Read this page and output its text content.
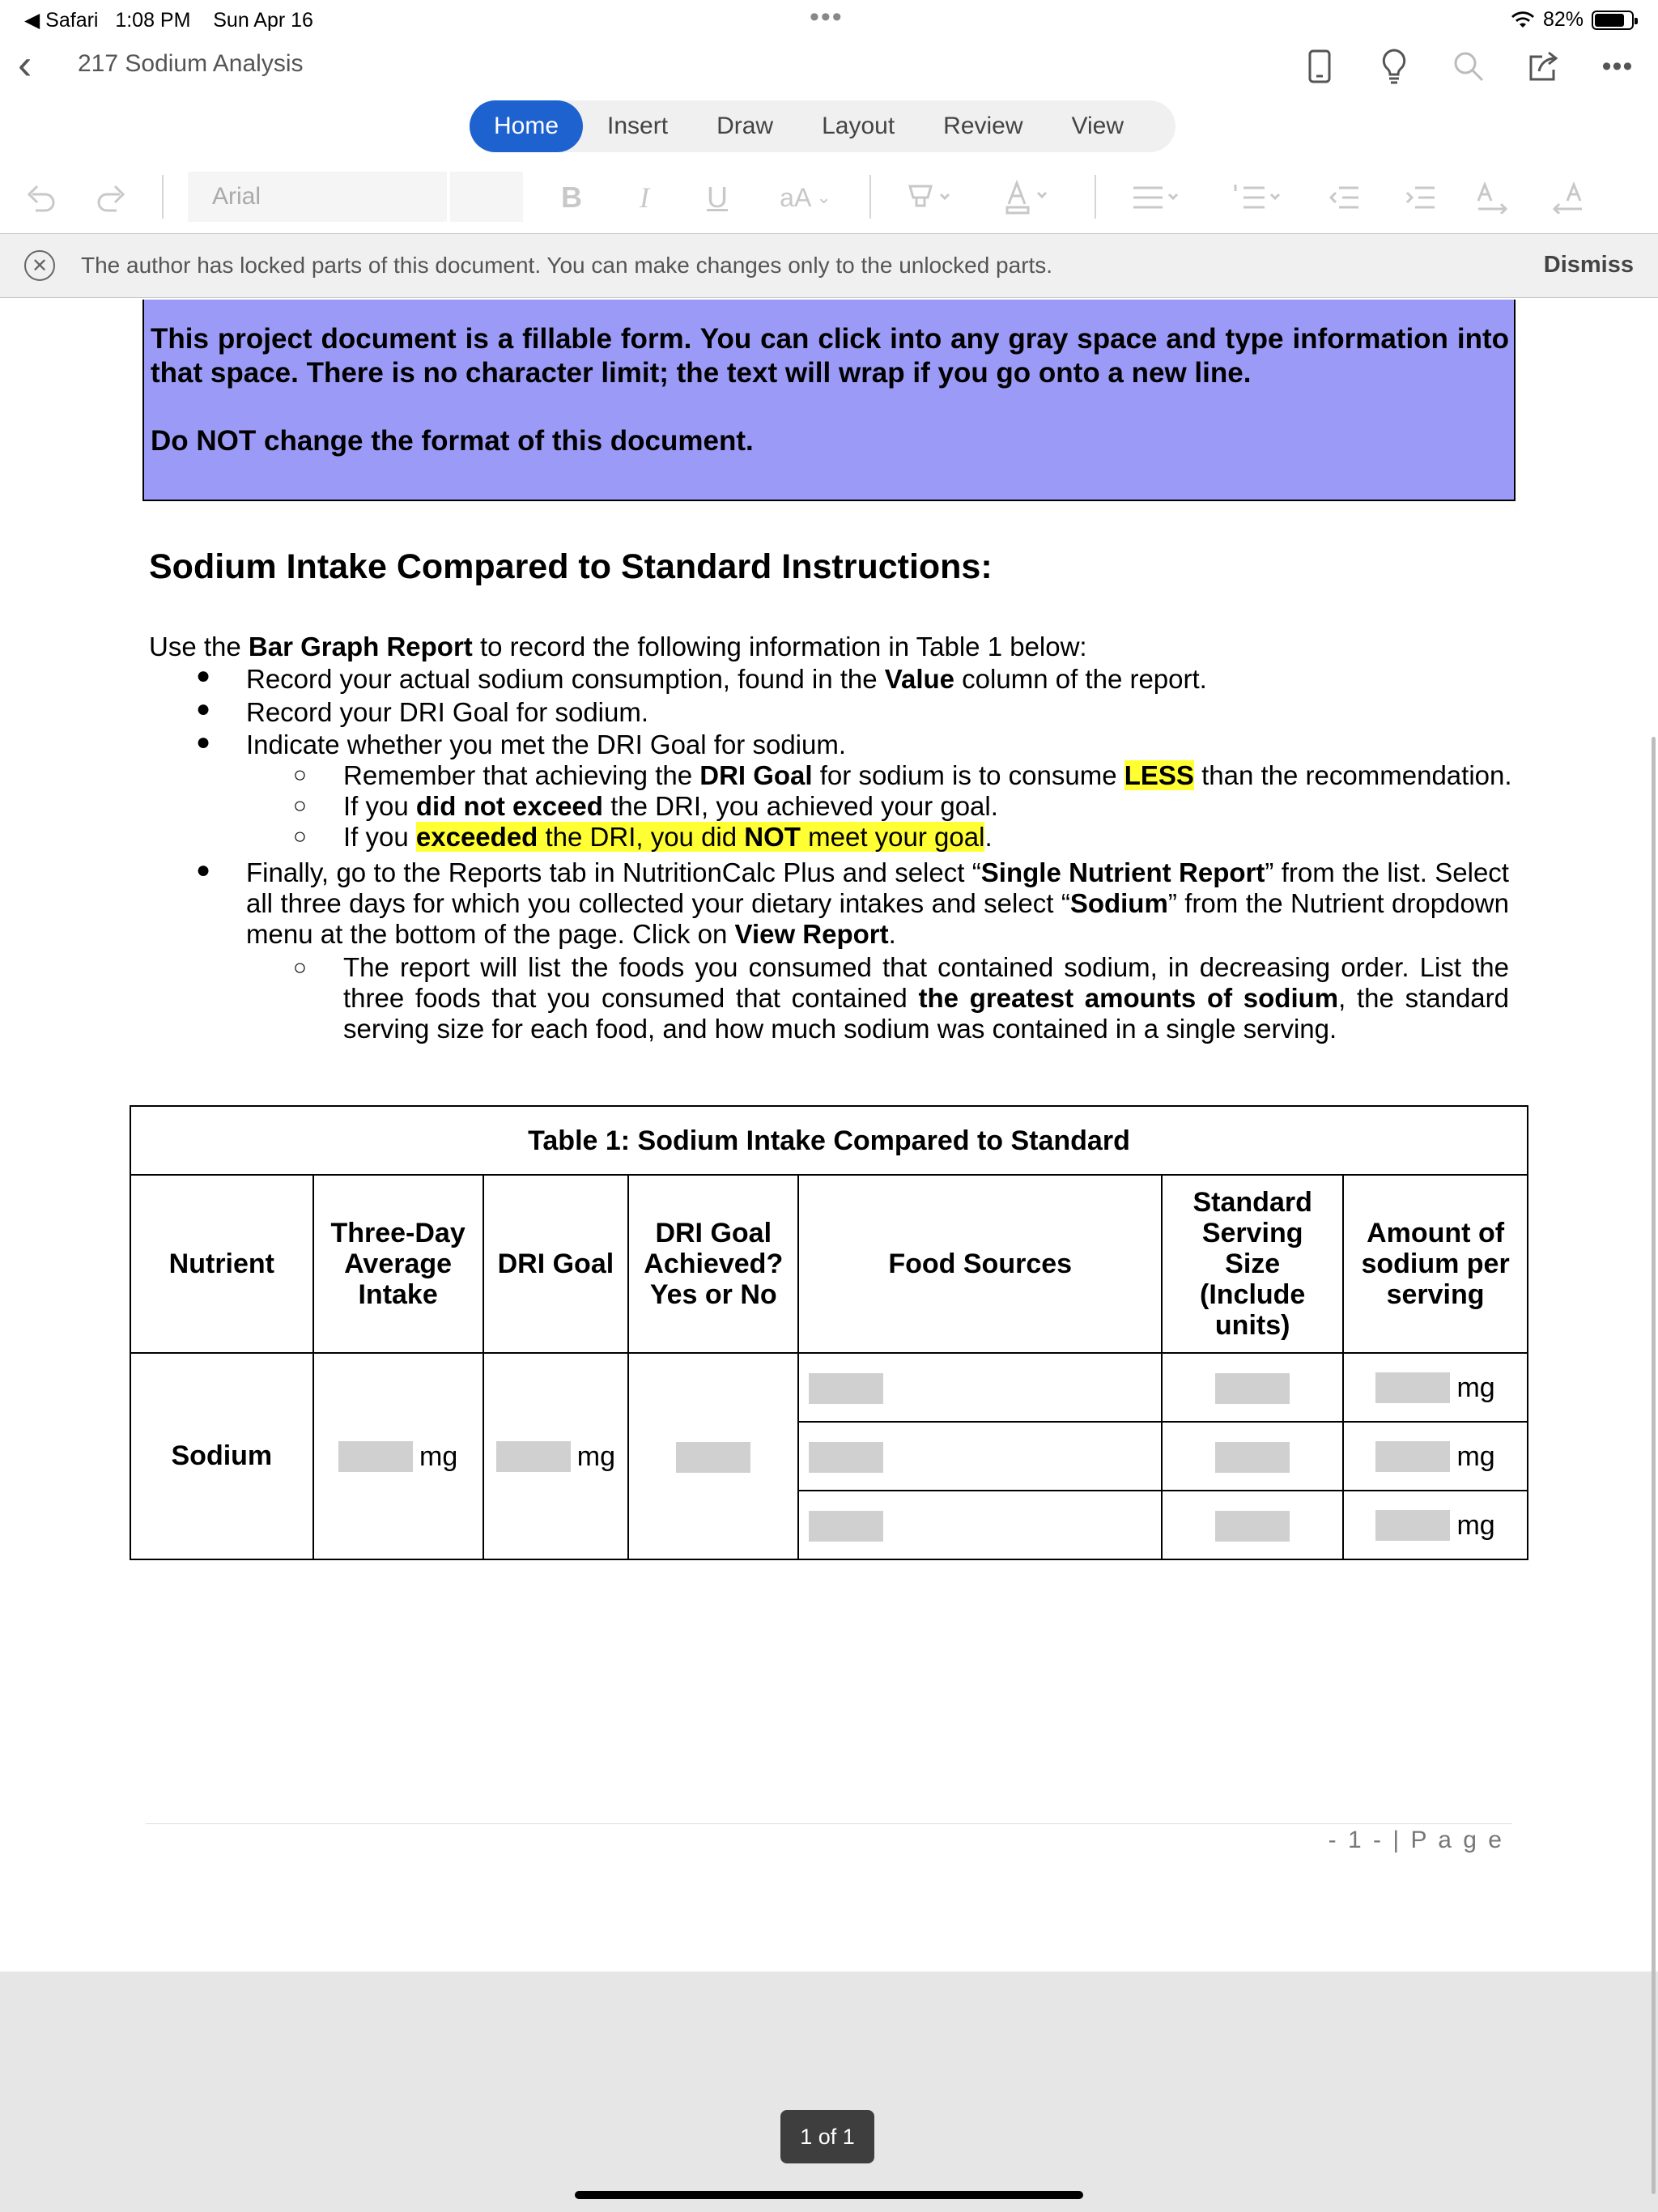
◀ Safari 1:08 PM Sun Apr 16	•••	82%
‹ 217 Sodium Analysis	•••
Home	Insert	Draw	Layout	Review	View
Arial	B	I	U	aA ⌄
✕	The author has locked parts of this document. You can make changes only to the unlocked parts.	Dismiss

This project document is a fillable form. You can click into any gray space and type information into that space. There is no character limit; the text will wrap if you go onto a new line.

Do NOT change the format of this document.

Sodium Intake Compared to Standard Instructions:
Use the Bar Graph Report to record the following information in Table 1 below:
● Record your actual sodium consumption, found in the Value column of the report.
● Record your DRI Goal for sodium.
● Indicate whether you met the DRI Goal for sodium.
○ Remember that achieving the DRI Goal for sodium is to consume LESS than the recommendation.
○ If you did not exceed the DRI, you achieved your goal.
○ If you exceeded the DRI, you did NOT meet your goal.
● Finally, go to the Reports tab in NutritionCalc Plus and select “Single Nutrient Report” from the list. Select all three days for which you collected your dietary intakes and select “Sodium” from the Nutrient dropdown menu at the bottom of the page. Click on View Report.
○ The report will list the foods you consumed that contained sodium, in decreasing order. List the three foods that you consumed that contained the greatest amounts of sodium, the standard serving size for each food, and how much sodium was contained in a single serving.
Table 1: Sodium Intake Compared to Standard						
Nutrient	Three-Day Average Intake	DRI Goal	DRI Goal Achieved? Yes or No	Food Sources	Standard Serving Size (Include units)	Amount of sodium per serving
Sodium	mg	mg				mg
						mg
						mg
- 1 - | P a g e
1 of 1
